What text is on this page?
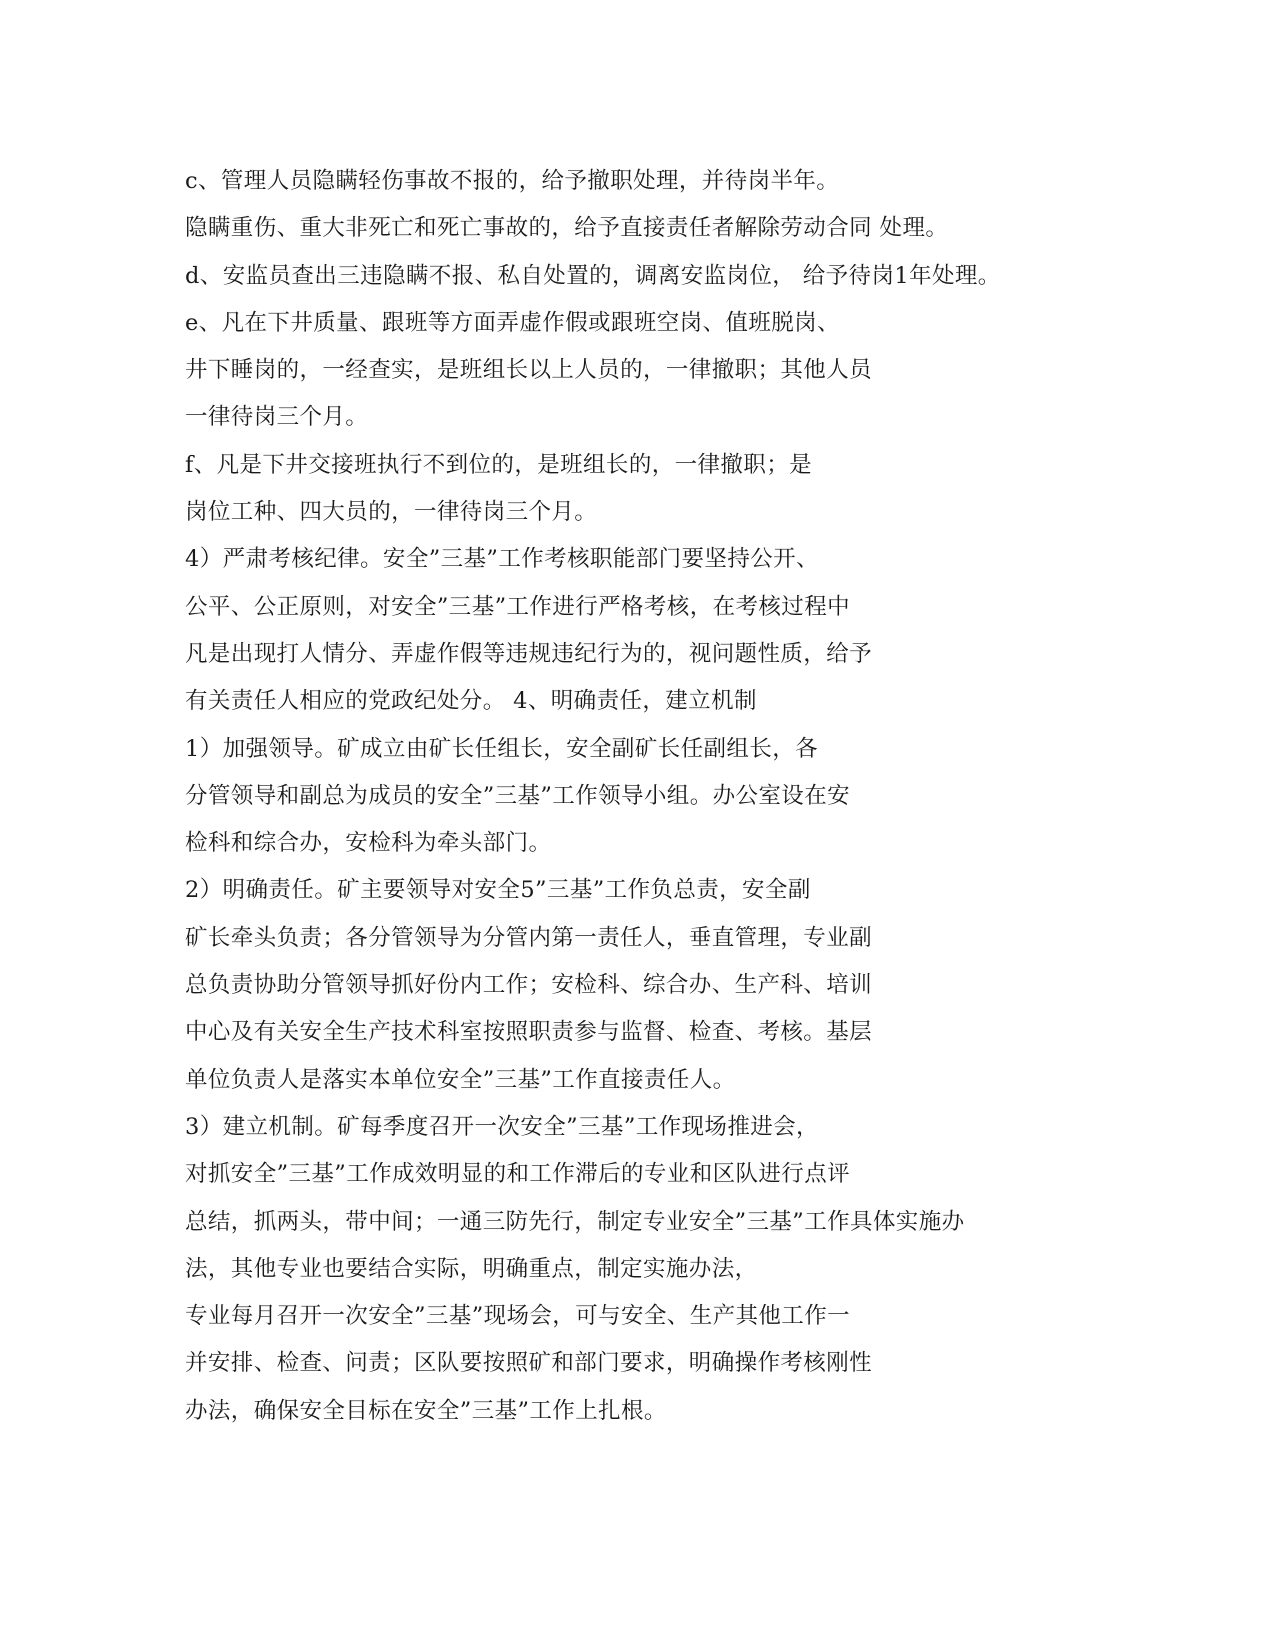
c、管理人员隐瞒轻伤事故不报的，给予撤职处理，并待岗半年。
隐瞒重伤、重大非死亡和死亡事故的，给予直接责任者解除劳动合同 处理。
d、安监员查出三违隐瞒不报、私自处置的，调离安监岗位， 给予待岗1年处理。
e、凡在下井质量、跟班等方面弄虚作假或跟班空岗、值班脱岗、
井下睡岗的，一经查实，是班组长以上人员的，一律撤职；其他人员
一律待岗三个月。
f、凡是下井交接班执行不到位的，是班组长的，一律撤职；是
岗位工种、四大员的，一律待岗三个月。
4）严肃考核纪律。安全”三基”工作考核职能部门要坚持公开、
公平、公正原则，对安全”三基”工作进行严格考核，在考核过程中
凡是出现打人情分、弄虚作假等违规违纪行为的，视问题性质，给予
有关责任人相应的党政纪处分。 4、明确责任，建立机制
1）加强领导。矿成立由矿长任组长，安全副矿长任副组长，各
分管领导和副总为成员的安全”三基”工作领导小组。办公室设在安
检科和综合办，安检科为牵头部门。
2）明确责任。矿主要领导对安全5”三基”工作负总责，安全副
矿长牵头负责；各分管领导为分管内第一责任人，垂直管理，专业副
总负责协助分管领导抓好份内工作；安检科、综合办、生产科、培训
中心及有关安全生产技术科室按照职责参与监督、检查、考核。基层
单位负责人是落实本单位安全”三基”工作直接责任人。
3）建立机制。矿每季度召开一次安全”三基”工作现场推进会，
对抓安全”三基”工作成效明显的和工作滞后的专业和区队进行点评
总结，抓两头，带中间；一通三防先行，制定专业安全”三基”工作具体实施办
法，其他专业也要结合实际，明确重点，制定实施办法，
专业每月召开一次安全”三基”现场会，可与安全、生产其他工作一
并安排、检查、问责；区队要按照矿和部门要求，明确操作考核刚性
办法，确保安全目标在安全”三基”工作上扎根。
